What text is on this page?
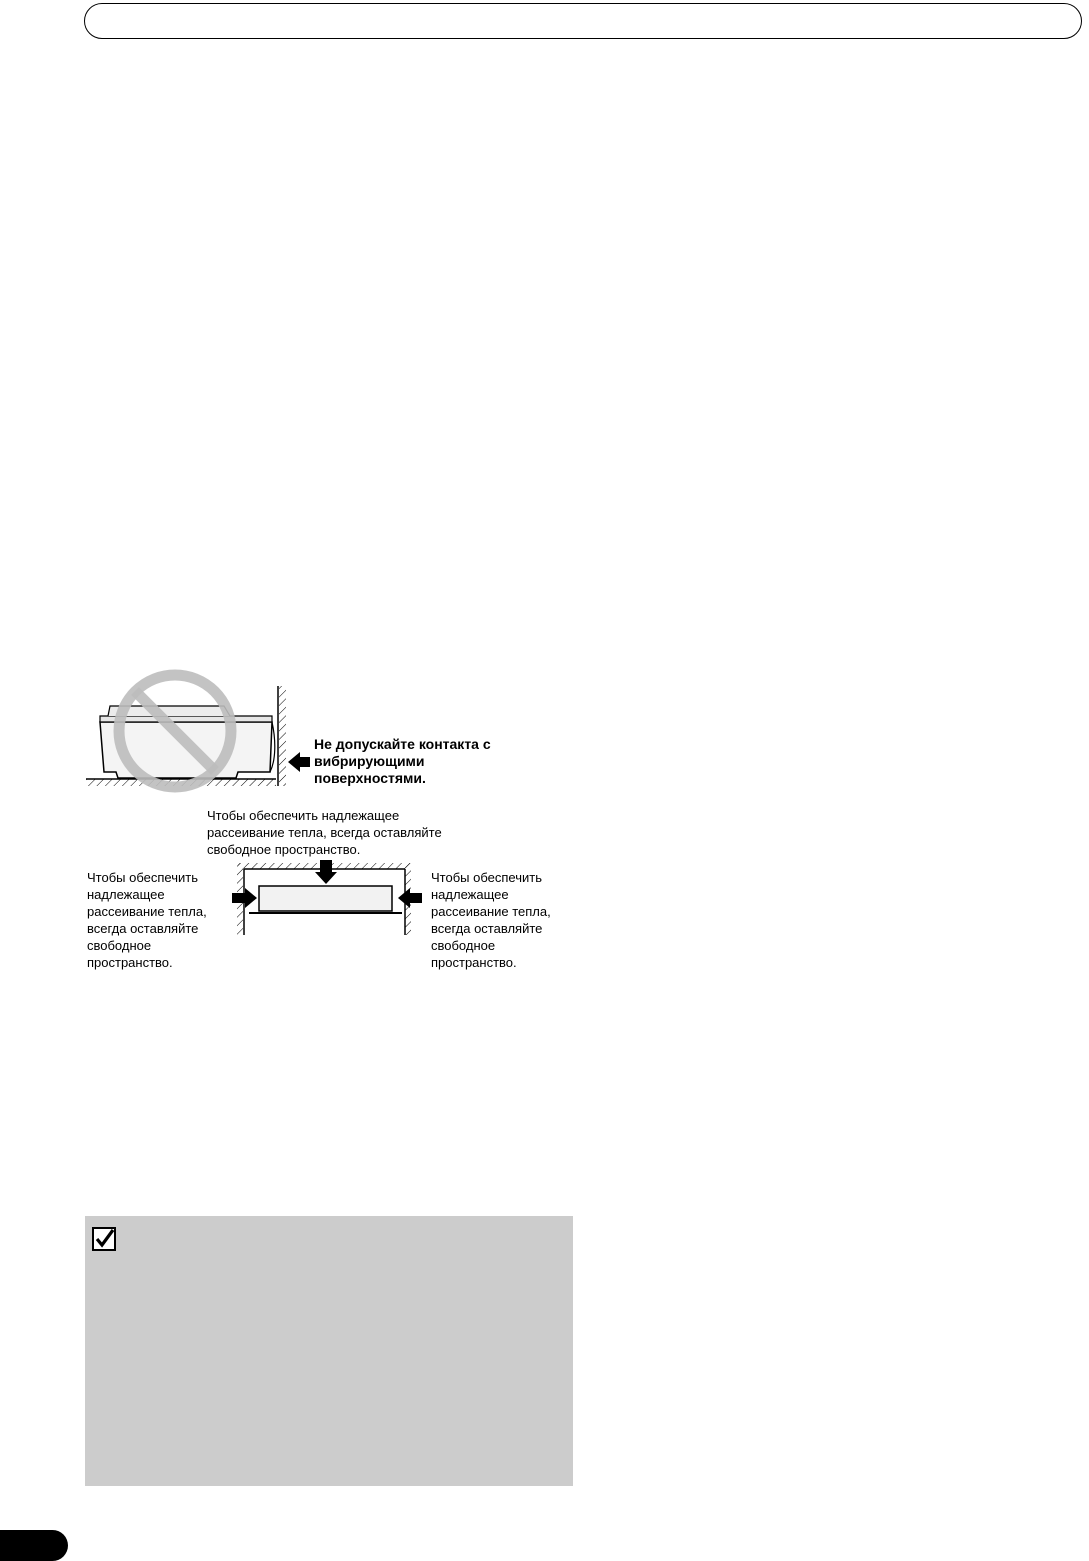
Не допускайте контакта с
вибрирующими
поверхностями.
Чтобы обеспечить надлежащее
рассеивание тепла, всегда оставляйте
свободное пространство.
Чтобы обеспечить
надлежащее
рассеивание тепла,
всегда оставляйте
свободное
пространство.
Чтобы обеспечить
надлежащее
рассеивание тепла,
всегда оставляйте
свободное
пространство.
